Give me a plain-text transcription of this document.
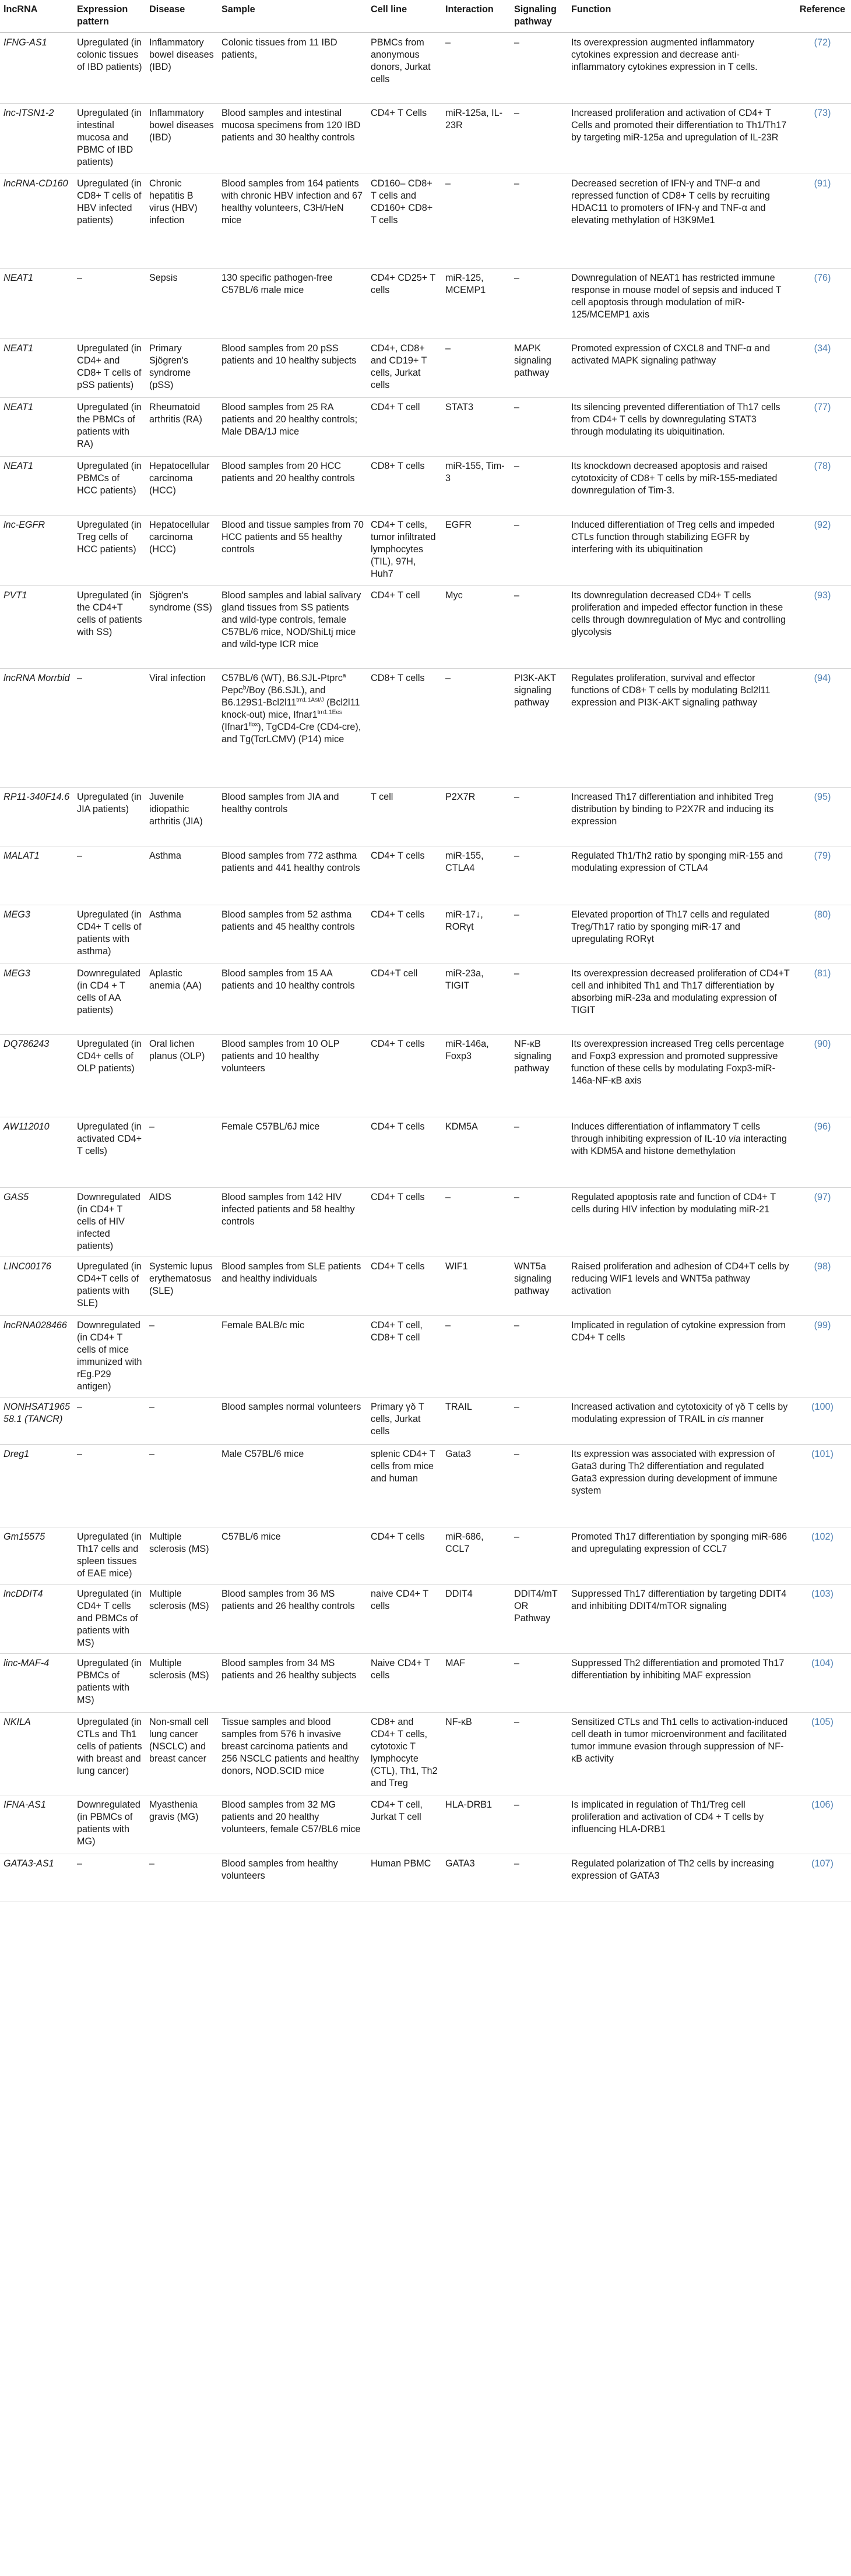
lncRNA	Expression pattern	Disease	Sample	Cell line	Interaction	Signaling pathway	Function	Reference
IFNG-AS1	Upregulated (in colonic tissues of IBD patients)	Inflammatory bowel diseases (IBD)	Colonic tissues from 11 IBD patients,	PBMCs from anonymous donors, Jurkat cells	–	–	Its overexpression augmented inflammatory cytokines expression and decrease anti-inflammatory cytokines expression in T cells.	(72)
lnc-ITSN1-2	Upregulated (in intestinal mucosa and PBMC of IBD patients)	Inflammatory bowel diseases (IBD)	Blood samples and intestinal mucosa specimens from 120 IBD patients and 30 healthy controls	CD4+ T Cells	miR-125a, IL-23R	–	Increased proliferation and activation of CD4+ T Cells and promoted their differentiation to Th1/Th17 by targeting miR-125a and upregulation of IL-23R	(73)
lncRNA-CD160	Upregulated (in CD8+ T cells of HBV infected patients)	Chronic hepatitis B virus (HBV) infection	Blood samples from 164 patients with chronic HBV infection and 67 healthy volunteers, C3H/HeN mice	CD160– CD8+ T cells and CD160+ CD8+ T cells	–	–	Decreased secretion of IFN-γ and TNF-α and repressed function of CD8+ T cells by recruiting HDAC11 to promoters of IFN-γ and TNF-α and elevating methylation of H3K9Me1	(91)
NEAT1	–	Sepsis	130 specific pathogen-free C57BL/6 male mice	CD4+ CD25+ T cells	miR-125, MCEMP1	–	Downregulation of NEAT1 has restricted immune response in mouse model of sepsis and induced T cell apoptosis through modulation of miR-125/MCEMP1 axis	(76)
NEAT1	Upregulated (in CD4+ and CD8+ T cells of pSS patients)	Primary Sjögren's syndrome (pSS)	Blood samples from 20 pSS patients and 10 healthy subjects	CD4+, CD8+ and CD19+ T cells, Jurkat cells	–	MAPK signaling pathway	Promoted expression of CXCL8 and TNF-α and activated MAPK signaling pathway	(34)
NEAT1	Upregulated (in the PBMCs of patients with RA)	Rheumatoid arthritis (RA)	Blood samples from 25 RA patients and 20 healthy controls; Male DBA/1J mice	CD4+ T cell	STAT3	–	Its silencing prevented differentiation of Th17 cells from CD4+ T cells by downregulating STAT3 through modulating its ubiquitination.	(77)
NEAT1	Upregulated (in PBMCs of HCC patients)	Hepatocellular carcinoma (HCC)	Blood samples from 20 HCC patients and 20 healthy controls	CD8+ T cells	miR-155, Tim-3	–	Its knockdown decreased apoptosis and raised cytotoxicity of CD8+ T cells by miR-155-mediated downregulation of Tim-3.	(78)
lnc-EGFR	Upregulated (in Treg cells of HCC patients)	Hepatocellular carcinoma (HCC)	Blood and tissue samples from 70 HCC patients and 55 healthy controls	CD4+ T cells, tumor infiltrated lymphocytes (TIL), 97H, Huh7	EGFR	–	Induced differentiation of Treg cells and impeded CTLs function through stabilizing EGFR by interfering with its ubiquitination	(92)
PVT1	Upregulated (in the CD4+T cells of patients with SS)	Sjögren's syndrome (SS)	Blood samples and labial salivary gland tissues from SS patients and wild-type controls, female C57BL/6 mice, NOD/ShiLtj mice and wild-type ICR mice	CD4+ T cell	Myc	–	Its downregulation decreased CD4+ T cells proliferation and impeded effector function in these cells through downregulation of Myc and controlling glycolysis	(93)
lncRNA Morrbid	–	Viral infection	C57BL/6 (WT), B6.SJL-Ptprc$^a$ Pepc$^b$/Boy (B6.SJL), and $B6.129S1-Bcl2l11^{tm1.1Ast/J}$ (Bcl2l11 knock-out) mice, $Ifnar1^{tm1.1Ees}$ $(Ifnar1^{flox})$, TgCD4-Cre (CD4-cre), and Tg(TcrLCMV) (P14) mice	CD8+ T cells	–	PI3K-AKT signaling pathway	Regulates proliferation, survival and effector functions of CD8+ T cells by modulating Bcl2l11 expression and PI3K-AKT signaling pathway	(94)
RP11-340F14.6	Upregulated (in JIA patients)	Juvenile idiopathic arthritis (JIA)	Blood samples from JIA and healthy controls	T cell	P2X7R	–	Increased Th17 differentiation and inhibited Treg distribution by binding to P2X7R and inducing its expression	(95)
MALAT1	–	Asthma	Blood samples from 772 asthma patients and 441 healthy controls	CD4+ T cells	miR-155, CTLA4	–	Regulated Th1/Th2 ratio by sponging miR-155 and modulating expression of CTLA4	(79)
MEG3	Upregulated (in CD4+ T cells of patients with asthma)	Asthma	Blood samples from 52 asthma patients and 45 healthy controls	CD4+ T cells	miR-17↓, RORγt	–	Elevated proportion of Th17 cells and regulated Treg/Th17 ratio by sponging miR-17 and upregulating RORγt	(80)
MEG3	Downregulated (in CD4 + T cells of AA patients)	Aplastic anemia (AA)	Blood samples from 15 AA patients and 10 healthy controls	CD4+T cell	miR-23a, TIGIT	–	Its overexpression decreased proliferation of CD4+T cell and inhibited Th1 and Th17 differentiation by absorbing miR-23a and modulating expression of TIGIT	(81)
DQ786243	Upregulated (in CD4+ cells of OLP patients)	Oral lichen planus (OLP)	Blood samples from 10 OLP patients and 10 healthy volunteers	CD4+ T cells	miR-146a, Foxp3	NF-κB signaling pathway	Its overexpression increased Treg cells percentage and Foxp3 expression and promoted suppressive function of these cells by modulating Foxp3-miR-146a-NF-κB axis	(90)
AW112010	Upregulated (in activated CD4+ T cells)	–	Female C57BL/6J mice	CD4+ T cells	KDM5A	–	Induces differentiation of inflammatory T cells through inhibiting expression of IL-10 via interacting with KDM5A and histone demethylation	(96)
GAS5	Downregulated (in CD4+ T cells of HIV infected patients)	AIDS	Blood samples from 142 HIV infected patients and 58 healthy controls	CD4+ T cells	–	–	Regulated apoptosis rate and function of CD4+ T cells during HIV infection by modulating miR-21	(97)
LINC00176	Upregulated (in CD4+T cells of patients with SLE)	Systemic lupus erythematosus (SLE)	Blood samples from SLE patients and healthy individuals	CD4+ T cells	WIF1	WNT5a signaling pathway	Raised proliferation and adhesion of CD4+T cells by reducing WIF1 levels and WNT5a pathway activation	(98)
lncRNA028466	Downregulated (in CD4+ T cells of mice immunized with rEg.P29 antigen)	–	Female BALB/c mic	CD4+ T cell, CD8+ T cell	–	–	Implicated in regulation of cytokine expression from CD4+ T cells	(99)
NONHSAT196558.1 (TANCR)	–	–	Blood samples normal volunteers	Primary γδ T cells, Jurkat cells	TRAIL	–	Increased activation and cytotoxicity of γδ T cells by modulating expression of TRAIL in cis manner	(100)
Dreg1	–	–	Male C57BL/6 mice	splenic CD4+ T cells from mice and human	Gata3	–	Its expression was associated with expression of Gata3 during Th2 differentiation and regulated Gata3 expression during development of immune system	(101)
Gm15575	Upregulated (in Th17 cells and spleen tissues of EAE mice)	Multiple sclerosis (MS)	C57BL/6 mice	CD4+ T cells	miR-686, CCL7	–	Promoted Th17 differentiation by sponging miR-686 and upregulating expression of CCL7	(102)
lncDDIT4	Upregulated (in CD4+ T cells and PBMCs of patients with MS)	Multiple sclerosis (MS)	Blood samples from 36 MS patients and 26 healthy controls	naive CD4+ T cells	DDIT4	DDIT4/mTOR Pathway	Suppressed Th17 differentiation by targeting DDIT4 and inhibiting DDIT4/mTOR signaling	(103)
linc-MAF-4	Upregulated (in PBMCs of patients with MS)	Multiple sclerosis (MS)	Blood samples from 34 MS patients and 26 healthy subjects	Naive CD4+ T cells	MAF	–	Suppressed Th2 differentiation and promoted Th17 differentiation by inhibiting MAF expression	(104)
NKILA	Upregulated (in CTLs and Th1 cells of patients with breast and lung cancer)	Non-small cell lung cancer (NSCLC) and breast cancer	Tissue samples and blood samples from 576 h invasive breast carcinoma patients and 256 NSCLC patients and healthy donors, NOD.SCID mice	CD8+ and CD4+ T cells, cytotoxic T lymphocyte (CTL), Th1, Th2 and Treg	NF-κB	–	Sensitized CTLs and Th1 cells to activation-induced cell death in tumor microenvironment and facilitated tumor immune evasion through suppression of NF-κB activity	(105)
IFNA-AS1	Downregulated (in PBMCs of patients with MG)	Myasthenia gravis (MG)	Blood samples from 32 MG patients and 20 healthy volunteers, female C57/BL6 mice	CD4+ T cell, Jurkat T cell	HLA-DRB1	–	Is implicated in regulation of Th1/Treg cell proliferation and activation of CD4 + T cells by influencing HLA-DRB1	(106)
GATA3-AS1	–	–	Blood samples from healthy volunteers	Human PBMC	GATA3	–	Regulated polarization of Th2 cells by increasing expression of GATA3	(107)
